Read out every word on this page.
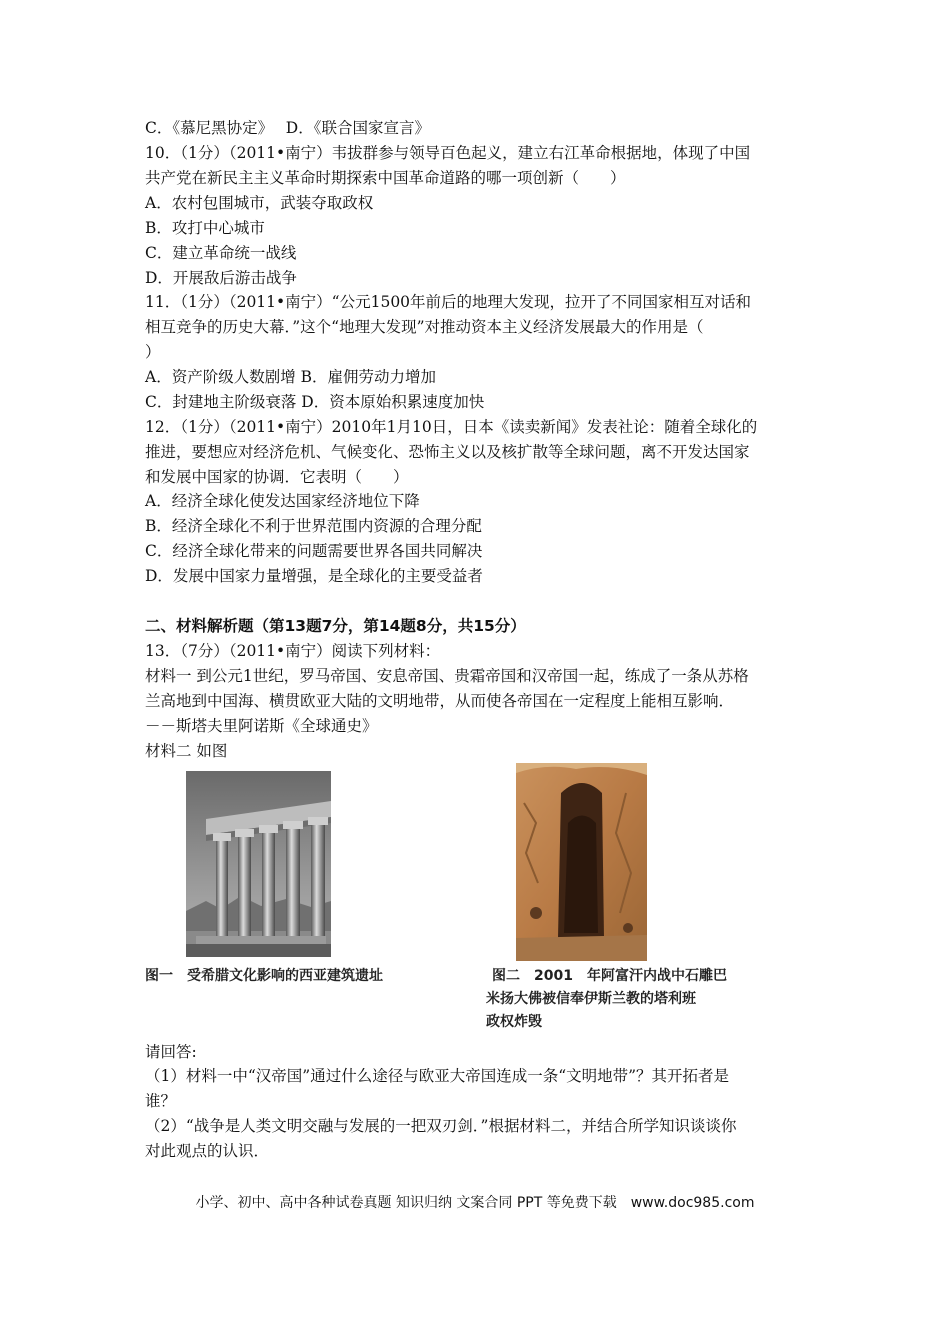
C．《慕尼黑协定》　 D．《联合国家宣言》
10．（1分）（2011•南宁）韦拔群参与领导百色起义，建立右江革命根据地，体现了中国
共产党在新民主主义革命时期探索中国革命道路的哪一项创新（　　）
A．农村包围城市，武装夺取政权
B．攻打中心城市
C．建立革命统一战线
D．开展敌后游击战争
11．（1分）（2011•南宁）“公元1500年前后的地理大发现，拉开了不同国家相互对话和
相互竞争的历史大幕．”这个“地理大发现”对推动资本主义经济发展最大的作用是（
）
A．资产阶级人数剧增 B．雇佣劳动力增加
C．封建地主阶级衰落 D．资本原始积累速度加快
12．（1分）（2011•南宁）2010年1月10日，日本《读卖新闻》发表社论：随着全球化的
推进，要想应对经济危机、气候变化、恐怖主义以及核扩散等全球问题，离不开发达国家
和发展中国家的协调．它表明（　　）
A．经济全球化使发达国家经济地位下降
B．经济全球化不利于世界范围内资源的合理分配
C．经济全球化带来的问题需要世界各国共同解决
D．发展中国家力量增强，是全球化的主要受益者
二、材料解析题（第13题7分，第14题8分，共15分）
13．（7分）（2011•南宁）阅读下列材料：
材料一 到公元1世纪，罗马帝国、安息帝国、贵霜帝国和汉帝国一起，练成了一条从苏格
兰高地到中国海、横贯欧亚大陆的文明地带，从而使各帝国在一定程度上能相互影响．
－－斯塔夫里阿诺斯《全球通史》
材料二 如图
图一　受希腊文化影响的西亚建筑遗址	图二　2001　年阿富汗内战中石雕巴
米扬大佛被信奉伊斯兰教的塔利班
政权炸毁
请回答:
（1）材料一中“汉帝国”通过什么途径与欧亚大帝国连成一条“文明地带”？其开拓者是
谁？
（2）“战争是人类文明交融与发展的一把双刃剑．”根据材料二，并结合所学知识谈谈你
对此观点的认识．
小学、初中、高中各种试卷真题 知识归纳 文案合同 PPT 等免费下载　www.doc985.com
